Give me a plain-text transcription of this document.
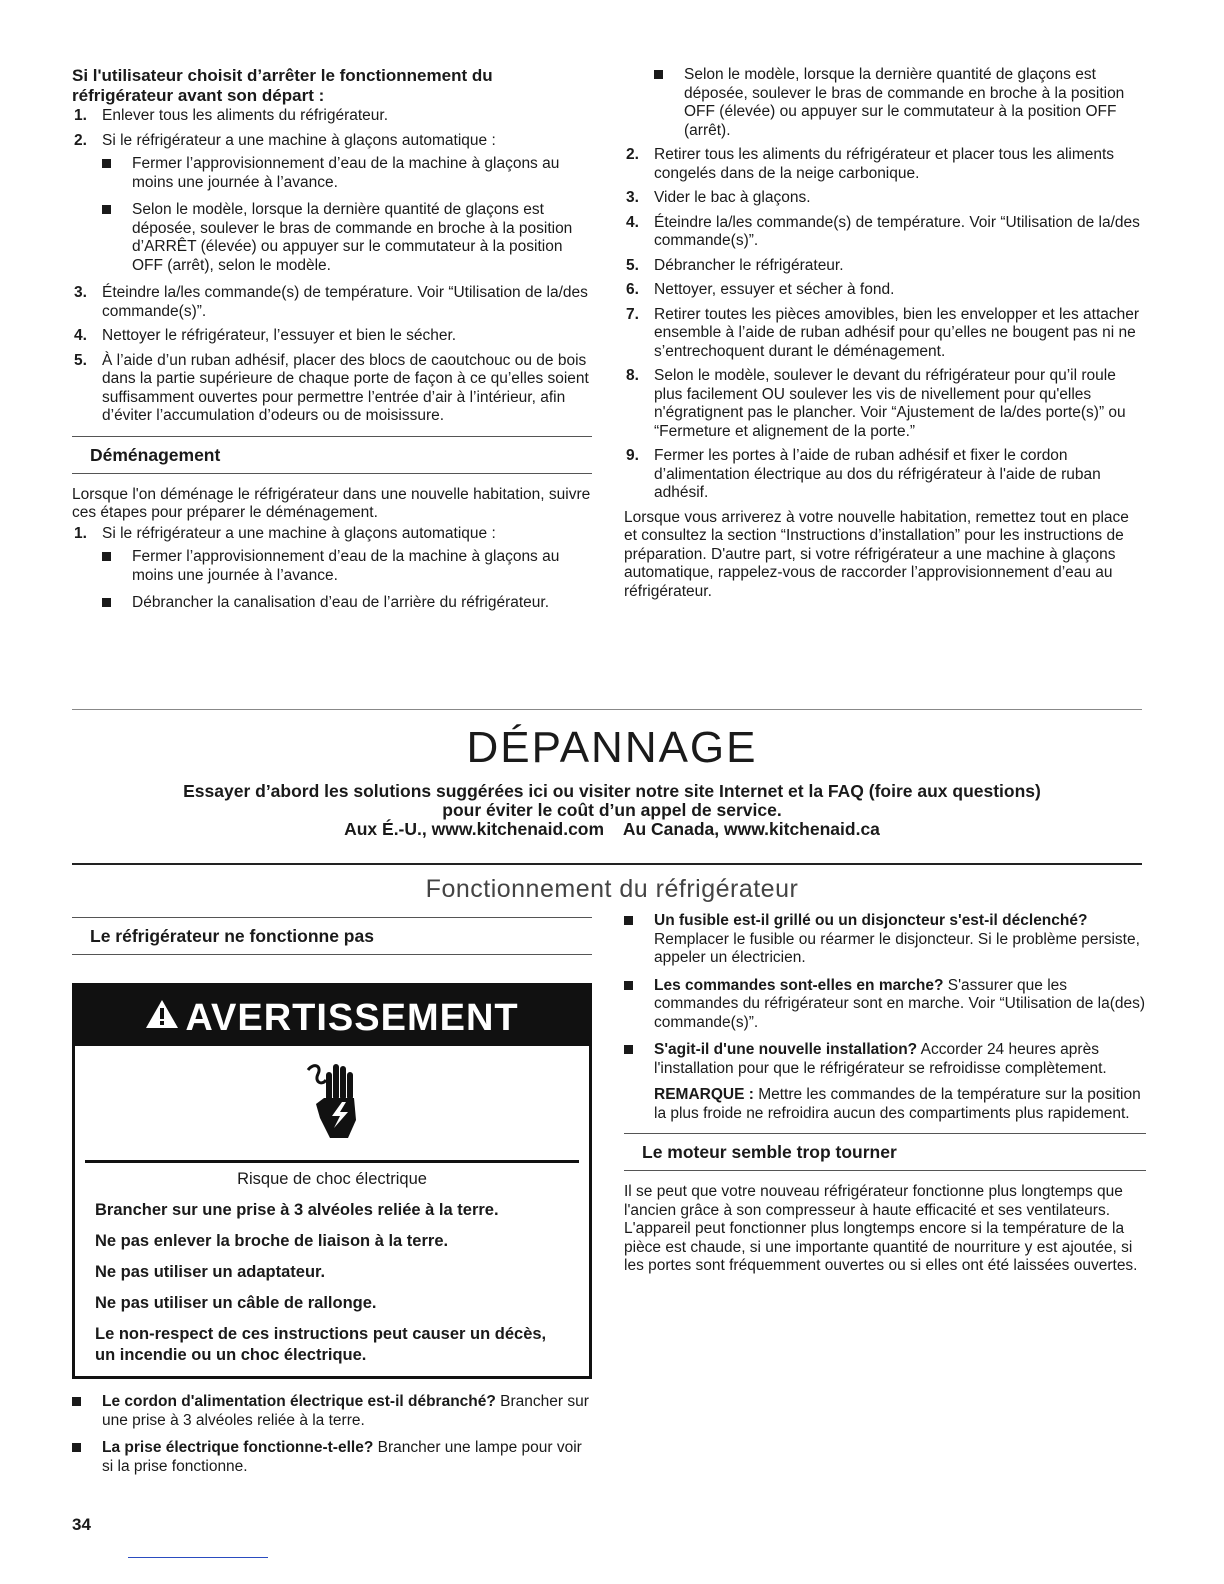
Si l'utilisateur choisit d’arrêter le fonctionnement du réfrigérateur avant son départ :

1. Enlever tous les aliments du réfrigérateur.
2. Si le réfrigérateur a une machine à glaçons automatique :
Fermer l’approvisionnement d’eau de la machine à glaçons au moins une journée à l’avance.
Selon le modèle, lorsque la dernière quantité de glaçons est déposée, soulever le bras de commande en broche à la position d’ARRÊT (élevée) ou appuyer sur le commutateur à la position OFF (arrêt), selon le modèle.
3. Éteindre la/les commande(s) de température. Voir “Utilisation de la/des commande(s)”.
4. Nettoyer le réfrigérateur, l’essuyer et bien le sécher.
5. À l’aide d’un ruban adhésif, placer des blocs de caoutchouc ou de bois dans la partie supérieure de chaque porte de façon à ce qu’elles soient suffisamment ouvertes pour permettre l’entrée d’air à l’intérieur, afin d’éviter l’accumulation d’odeurs ou de moisissure.
Déménagement

Lorsque l'on déménage le réfrigérateur dans une nouvelle habitation, suivre ces étapes pour préparer le déménagement.

1. Si le réfrigérateur a une machine à glaçons automatique :
Fermer l’approvisionnement d’eau de la machine à glaçons au moins une journée à l’avance.
Débrancher la canalisation d’eau de l’arrière du réfrigérateur.
Selon le modèle, lorsque la dernière quantité de glaçons est déposée, soulever le bras de commande en broche à la position OFF (élevée) ou appuyer sur le commutateur à la position OFF (arrêt).
2. Retirer tous les aliments du réfrigérateur et placer tous les aliments congelés dans de la neige carbonique.
3. Vider le bac à glaçons.
4. Éteindre la/les commande(s) de température. Voir “Utilisation de la/des commande(s)”.
5. Débrancher le réfrigérateur.
6. Nettoyer, essuyer et sécher à fond.
7. Retirer toutes les pièces amovibles, bien les envelopper et les attacher ensemble à l’aide de ruban adhésif pour qu’elles ne bougent pas ni ne s’entrechoquent durant le déménagement.
8. Selon le modèle, soulever le devant du réfrigérateur pour qu’il roule plus facilement OU soulever les vis de nivellement pour qu'elles n'égratignent pas le plancher. Voir “Ajustement de la/des porte(s)” ou “Fermeture et alignement de la porte.”
9. Fermer les portes à l’aide de ruban adhésif et fixer le cordon d’alimentation électrique au dos du réfrigérateur à l'aide de ruban adhésif.

Lorsque vous arriverez à votre nouvelle habitation, remettez tout en place et consultez la section “Instructions d’installation” pour les instructions de préparation. D'autre part, si votre réfrigérateur a une machine à glaçons automatique, rappelez-vous de raccorder l’approvisionnement d’eau au réfrigérateur.

DÉPANNAGE

Essayer d’abord les solutions suggérées ici ou visiter notre site Internet et la FAQ (foire aux questions)

pour éviter le coût d’un appel de service.

Aux É.-U., www.kitchenaid.com    Au Canada, www.kitchenaid.ca

Fonctionnement du réfrigérateur
Le réfrigérateur ne fonctionne pas
AVERTISSEMENT

Risque de choc électrique

Brancher sur une prise à 3 alvéoles reliée à la terre.

Ne pas enlever la broche de liaison à la terre.

Ne pas utiliser un adaptateur.

Ne pas utiliser un câble de rallonge.

Le non-respect de ces instructions peut causer un décès, un incendie ou un choc électrique.

Le cordon d'alimentation électrique est-il débranché? Brancher sur une prise à 3 alvéoles reliée à la terre.
La prise électrique fonctionne-t-elle? Brancher une lampe pour voir si la prise fonctionne.
Un fusible est-il grillé ou un disjoncteur s'est-il déclenché? Remplacer le fusible ou réarmer le disjoncteur. Si le problème persiste, appeler un électricien.
Les commandes sont-elles en marche? S'assurer que les commandes du réfrigérateur sont en marche. Voir “Utilisation de la(des) commande(s)”.
S'agit-il d'une nouvelle installation? Accorder 24 heures après l'installation pour que le réfrigérateur se refroidisse complètement.

REMARQUE : Mettre les commandes de la température sur la position la plus froide ne refroidira aucun des compartiments plus rapidement.

Le moteur semble trop tourner

Il se peut que votre nouveau réfrigérateur fonctionne plus longtemps que l'ancien grâce à son compresseur à haute efficacité et ses ventilateurs. L'appareil peut fonctionner plus longtemps encore si la température de la pièce est chaude, si une importante quantité de nourriture y est ajoutée, si les portes sont fréquemment ouvertes ou si elles ont été laissées ouvertes.

34
